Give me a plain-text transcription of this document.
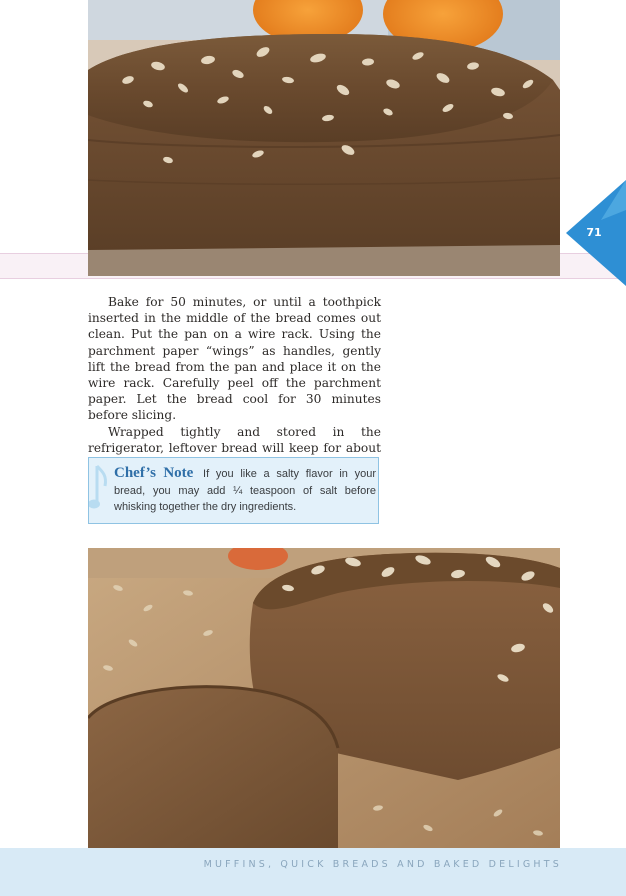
71

Bake for 50 minutes, or until a toothpick inserted in the middle of the bread comes out clean. Put the pan on a wire rack. Using the parchment paper “wings” as handles, gently lift the bread from the pan and place it on the wire rack. Carefully peel off the parchment paper. Let the bread cool for 30 minutes before slicing.

Wrapped tightly and stored in the refrigerator, leftover bread will keep for about

Chef’s Note If you like a salty flavor in your bread, you may add ¼ teaspoon of salt before whisking together the dry ingredients.
MUFFINS, QUICK BREADS AND BAKED DELIGHTS
